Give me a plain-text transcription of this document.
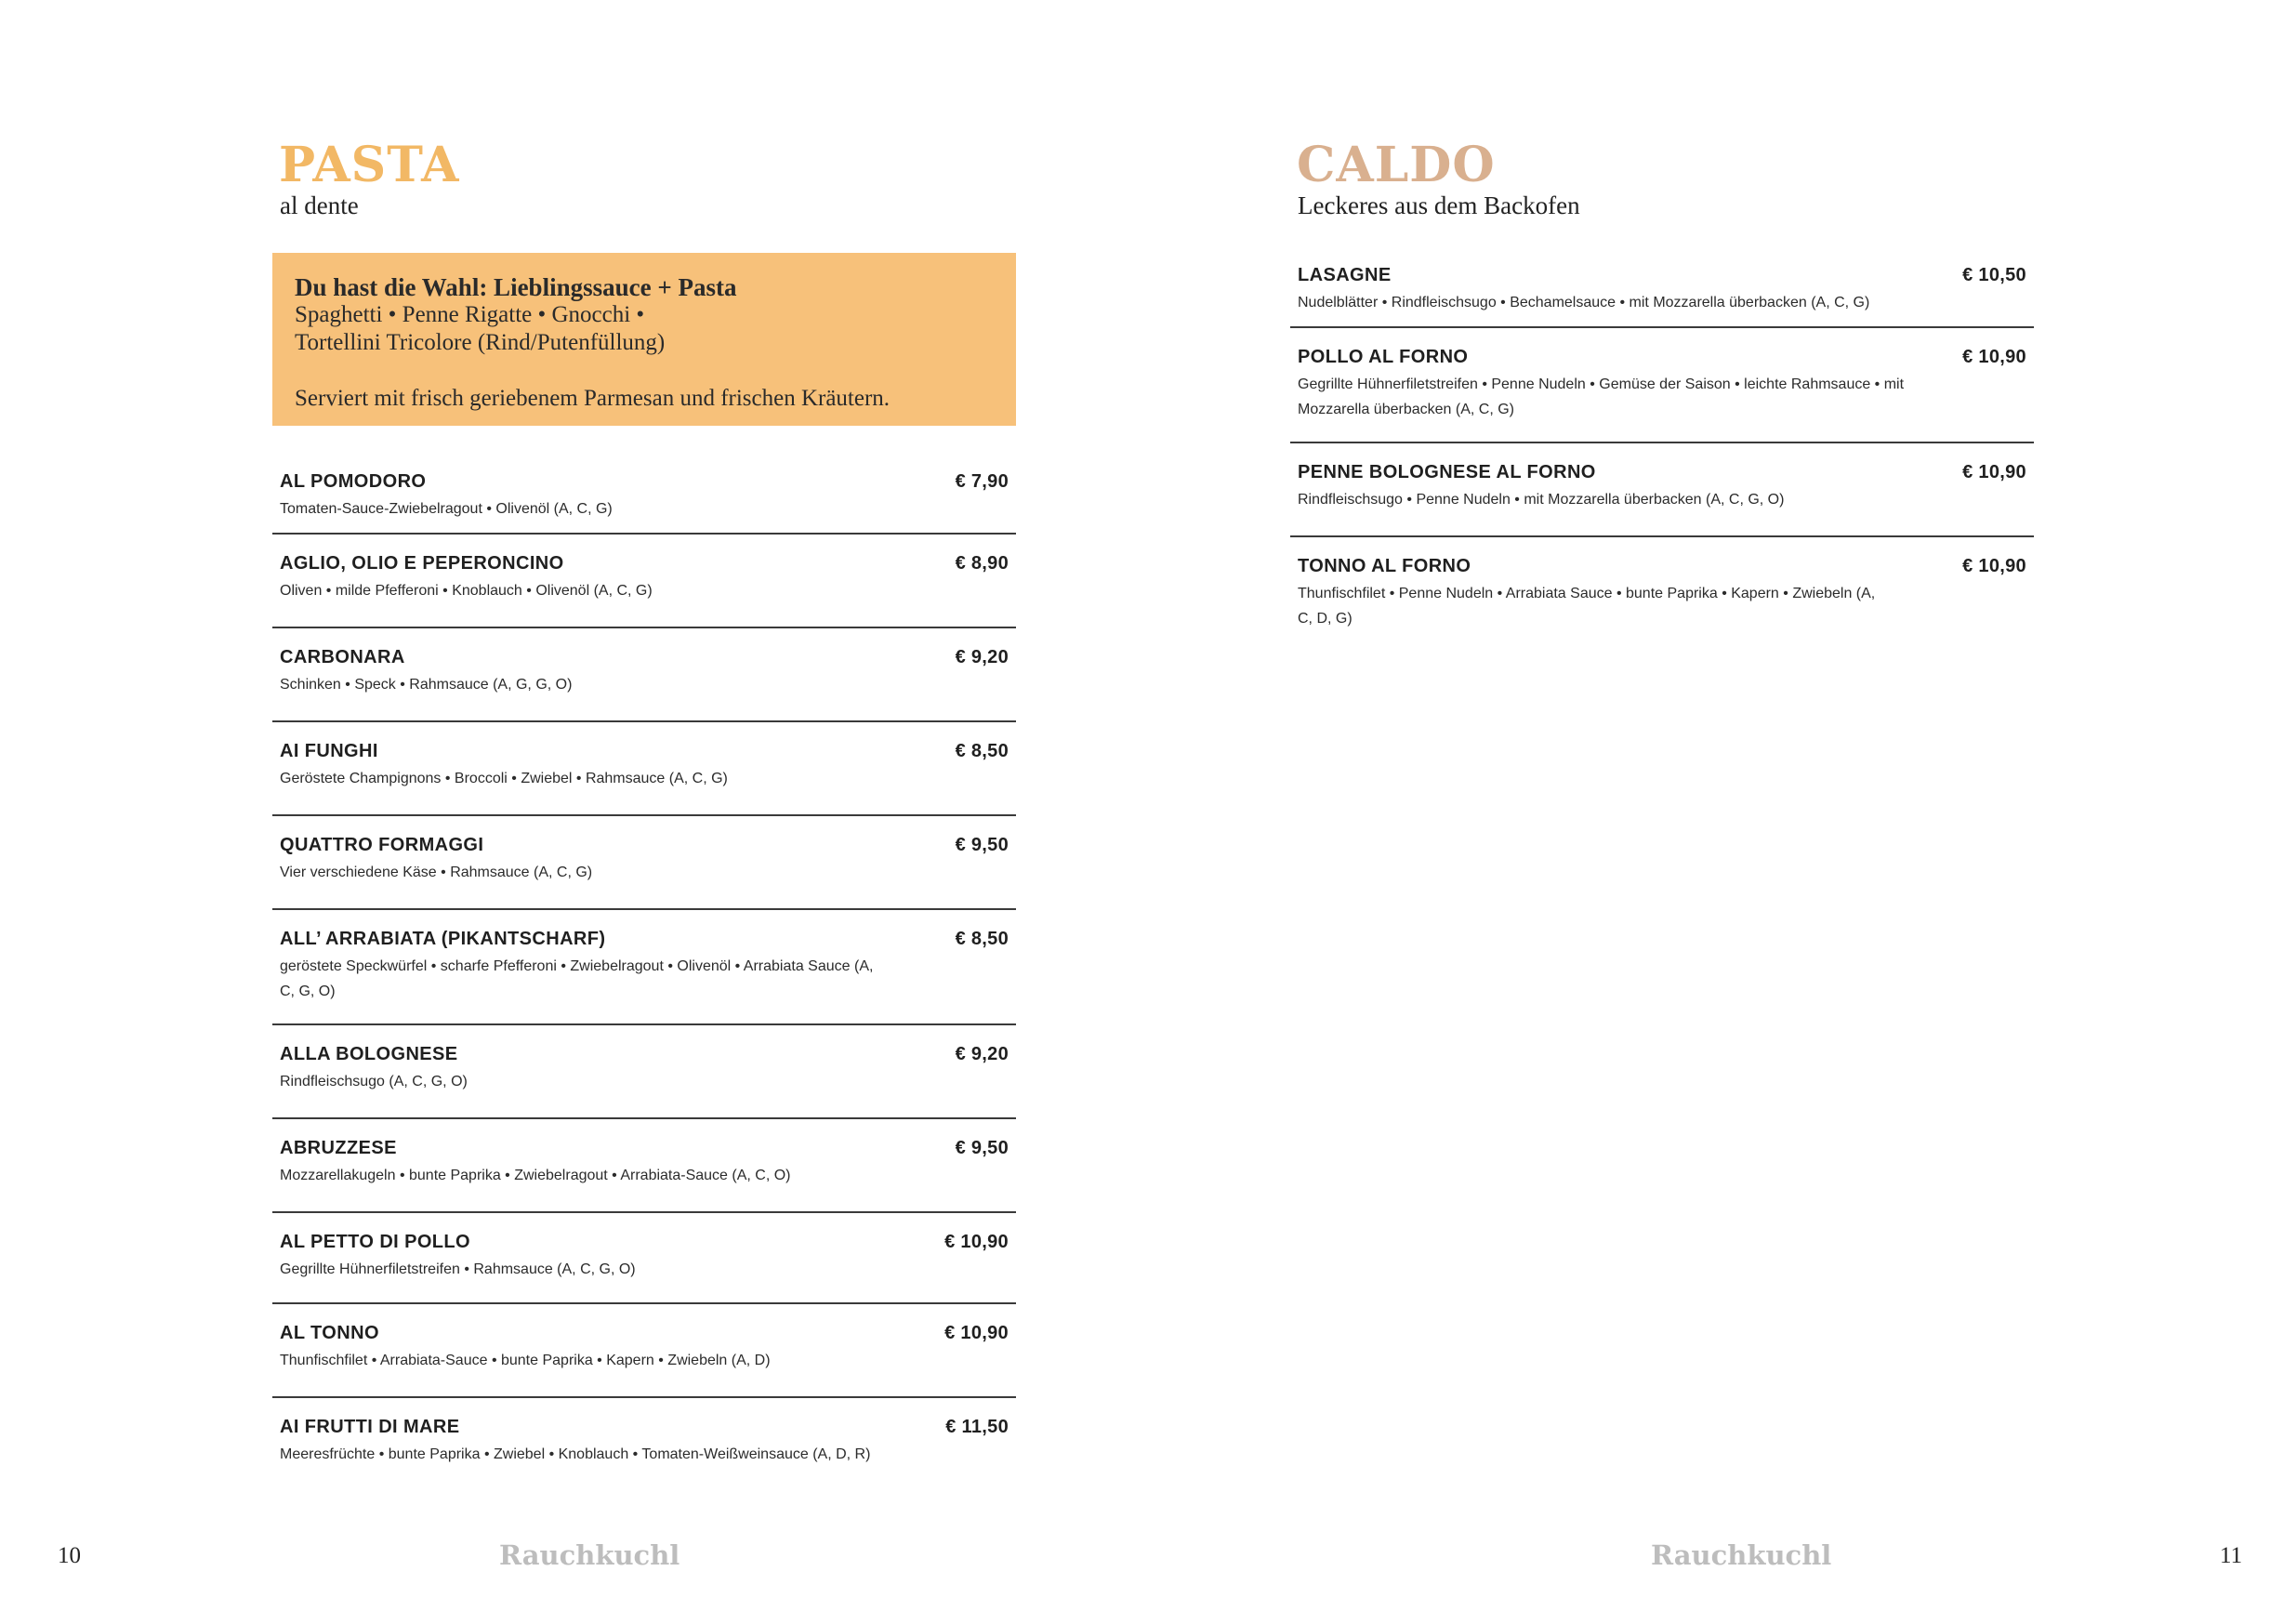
PASTA
al dente
Du hast die Wahl: Lieblingssauce + Pasta
Spaghetti • Penne Rigatte • Gnocchi •
Tortellini Tricolore (Rind/Putenfüllung)
Serviert mit frisch geriebenem Parmesan und frischen Kräutern.
AL POMODORO	€ 7,90
Tomaten-Sauce-Zwiebelragout • Olivenöl (A, C, G)
AGLIO, OLIO E PEPERONCINO	€ 8,90
Oliven • milde Pfefferoni • Knoblauch • Olivenöl (A, C, G)
CARBONARA	€ 9,20
Schinken • Speck • Rahmsauce (A, G, G, O)
AI FUNGHI	€ 8,50
Geröstete Champignons • Broccoli • Zwiebel • Rahmsauce (A, C, G)
QUATTRO FORMAGGI	€ 9,50
Vier verschiedene Käse • Rahmsauce (A, C, G)
ALL’ ARRABIATA (PIKANTSCHARF)	€ 8,50
geröstete Speckwürfel • scharfe Pfefferoni • Zwiebelragout • Olivenöl • Arrabiata Sauce (A, C, G, O)
ALLA BOLOGNESE	€ 9,20
Rindfleischsugo (A, C, G, O)
ABRUZZESE	€ 9,50
Mozzarellakugeln • bunte Paprika • Zwiebelragout • Arrabiata-Sauce (A, C, O)
AL PETTO DI POLLO	€ 10,90
Gegrillte Hühnerfiletstreifen • Rahmsauce (A, C, G, O)
AL TONNO	€ 10,90
Thunfischfilet • Arrabiata-Sauce • bunte Paprika • Kapern • Zwiebeln (A, D)
AI FRUTTI DI MARE	€ 11,50
Meeresfrüchte • bunte Paprika • Zwiebel • Knoblauch • Tomaten-Weißweinsauce (A, D, R)
10	Rauchkuchl
CALDO
Leckeres aus dem Backofen
LASAGNE	€ 10,50
Nudelblätter • Rindfleischsugo • Bechamelsauce • mit Mozzarella überbacken (A, C, G)
POLLO AL FORNO	€ 10,90
Gegrillte Hühnerfiletstreifen • Penne Nudeln • Gemüse der Saison • leichte Rahmsauce • mit Mozzarella überbacken (A, C, G)
PENNE BOLOGNESE AL FORNO	€ 10,90
Rindfleischsugo • Penne Nudeln • mit Mozzarella überbacken (A, C, G, O)
TONNO AL FORNO	€ 10,90
Thunfischfilet • Penne Nudeln • Arrabiata Sauce • bunte Paprika • Kapern • Zwiebeln (A, C, D, G)
Rauchkuchl	11
